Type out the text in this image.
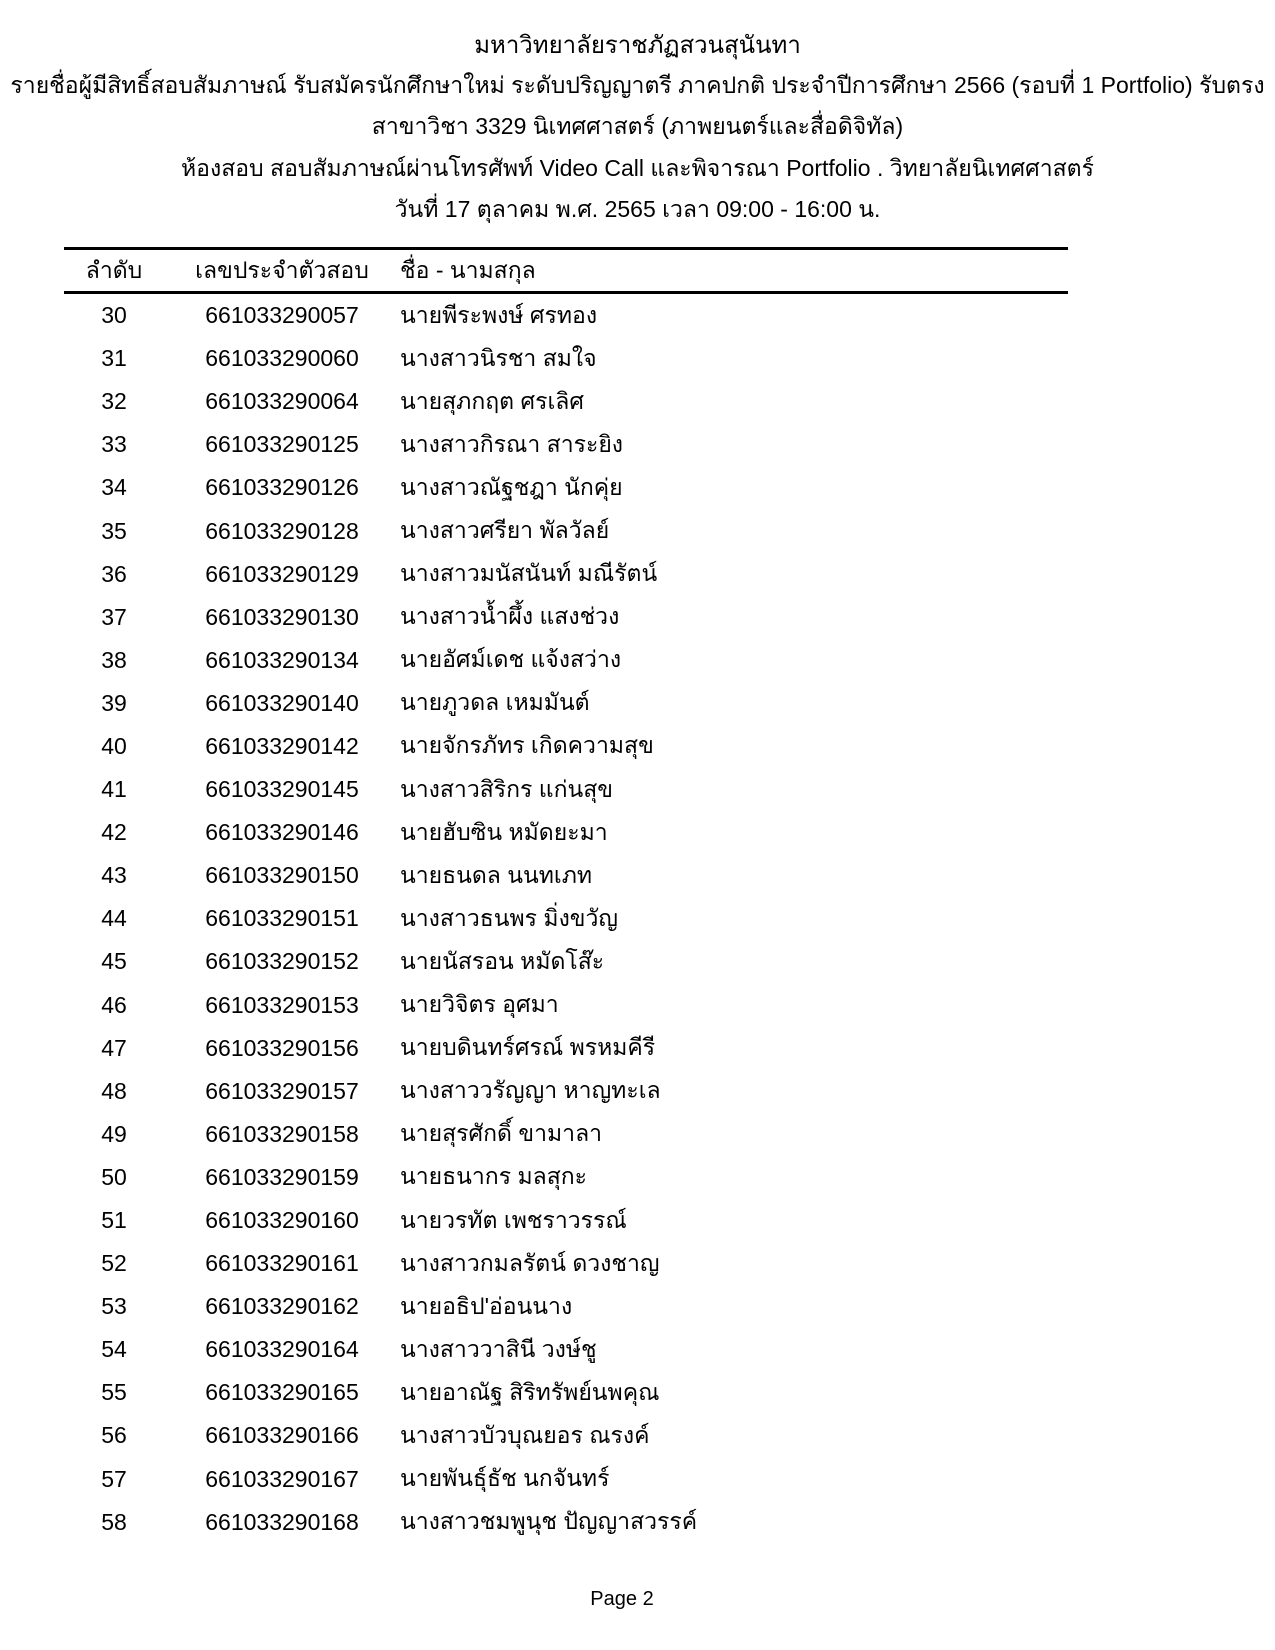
มหาวิทยาลัยราชภัฏสวนสุนันทา
รายชื่อผู้มีสิทธิ์สอบสัมภาษณ์ รับสมัครนักศึกษาใหม่ ระดับปริญญาตรี ภาคปกติ ประจำปีการศึกษา 2566 (รอบที่ 1 Portfolio) รับตรง
สาขาวิชา 3329 นิเทศศาสตร์ (ภาพยนตร์และสื่อดิจิทัล)
ห้องสอบ สอบสัมภาษณ์ผ่านโทรศัพท์ Video Call และพิจารณา Portfolio . วิทยาลัยนิเทศศาสตร์
วันที่ 17 ตุลาคม พ.ศ. 2565 เวลา 09:00 - 16:00 น.
ลำดับ	เลขประจำตัวสอบ	ชื่อ - นามสกุล
30	661033290057	นายพีระพงษ์ ศรทอง
31	661033290060	นางสาวนิรชา สมใจ
32	661033290064	นายสุภกฤต ศรเลิศ
33	661033290125	นางสาวกิรณา สาระยิง
34	661033290126	นางสาวณัฐชฎา นักคุ่ย
35	661033290128	นางสาวศรียา พัลวัลย์
36	661033290129	นางสาวมนัสนันท์ มณีรัตน์
37	661033290130	นางสาวน้ำผึ้ง แสงช่วง
38	661033290134	นายอัศม์เดช แจ้งสว่าง
39	661033290140	นายภูวดล เหมมันต์
40	661033290142	นายจักรภัทร เกิดความสุข
41	661033290145	นางสาวสิริกร แก่นสุข
42	661033290146	นายฮับซิน หมัดยะมา
43	661033290150	นายธนดล นนทเภท
44	661033290151	นางสาวธนพร มิ่งขวัญ
45	661033290152	นายนัสรอน หมัดโส๊ะ
46	661033290153	นายวิจิตร อุศมา
47	661033290156	นายบดินทร์ศรณ์ พรหมคีรี
48	661033290157	นางสาววรัญญา หาญทะเล
49	661033290158	นายสุรศักดิ์ ขามาลา
50	661033290159	นายธนากร มลสุกะ
51	661033290160	นายวรทัต เพชราวรรณ์
52	661033290161	นางสาวกมลรัตน์ ดวงชาญ
53	661033290162	นายอธิป'อ่อนนาง
54	661033290164	นางสาววาสินี วงษ์ชู
55	661033290165	นายอาณัฐ สิริทรัพย์นพคุณ
56	661033290166	นางสาวบัวบุณยอร ณรงค์
57	661033290167	นายพันธุ์ธัช นกจันทร์
58	661033290168	นางสาวชมพูนุช ปัญญาสวรรค์
Page 2
